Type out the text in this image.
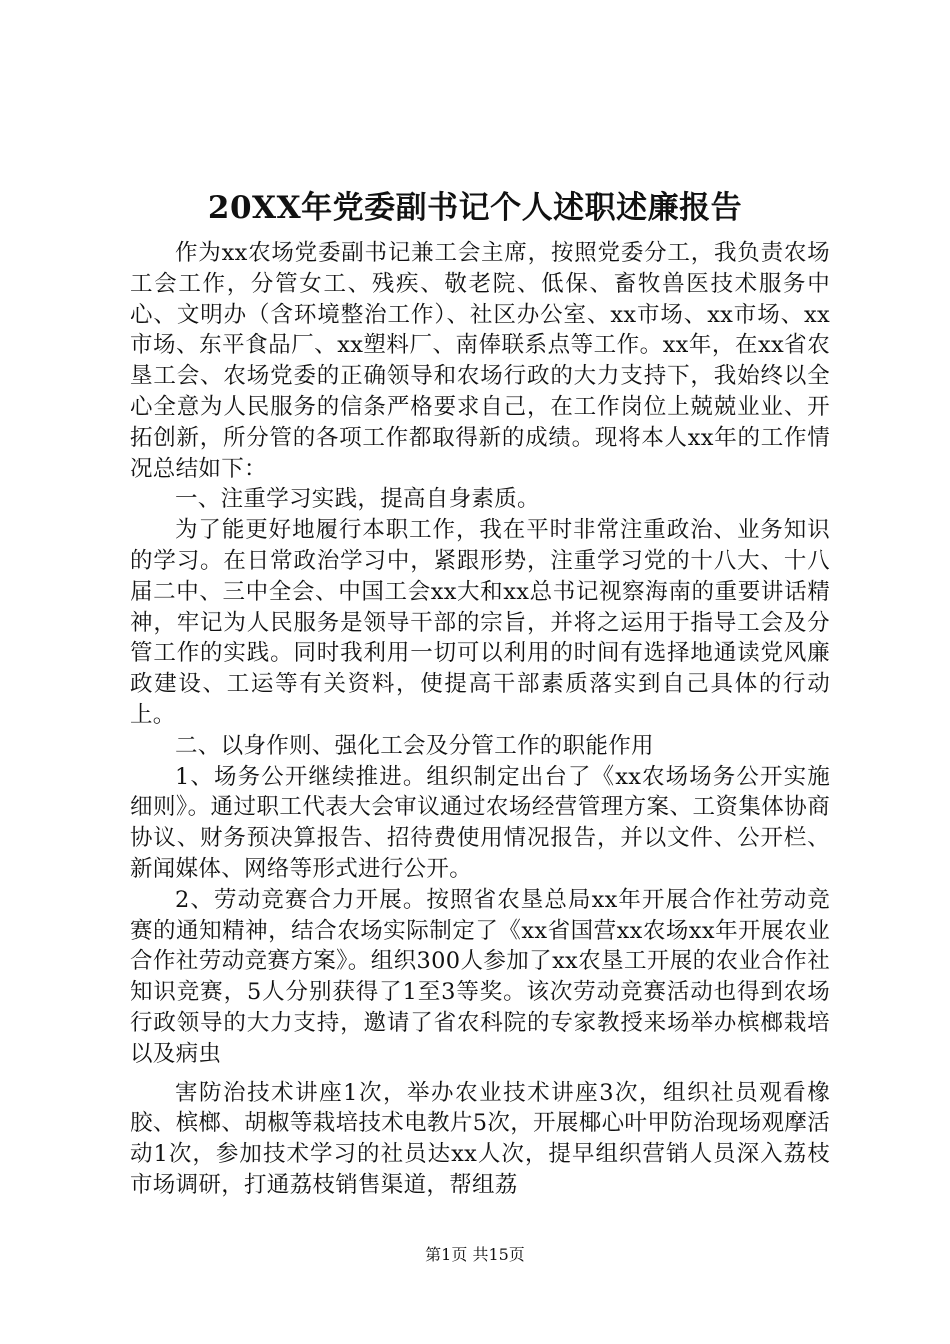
20XX年党委副书记个人述职述廉报告

作为xx农场党委副书记兼工会主席，按照党委分工，我负责农场工会工作，分管女工、残疾、敬老院、低保、畜牧兽医技术服务中心、文明办（含环境整治工作）、社区办公室、xx市场、xx市场、xx市场、东平食品厂、xx塑料厂、南俸联系点等工作。xx年，在xx省农垦工会、农场党委的正确领导和农场行政的大力支持下，我始终以全心全意为人民服务的信条严格要求自己，在工作岗位上兢兢业业、开拓创新，所分管的各项工作都取得新的成绩。现将本人xx年的工作情况总结如下：

一、注重学习实践，提高自身素质。

为了能更好地履行本职工作，我在平时非常注重政治、业务知识的学习。在日常政治学习中，紧跟形势，注重学习党的十八大、十八届二中、三中全会、中国工会xx大和xx总书记视察海南的重要讲话精神，牢记为人民服务是领导干部的宗旨，并将之运用于指导工会及分管工作的实践。同时我利用一切可以利用的时间有选择地通读党风廉政建设、工运等有关资料，使提高干部素质落实到自己具体的行动上。

二、以身作则、强化工会及分管工作的职能作用

1、场务公开继续推进。组织制定出台了《xx农场场务公开实施细则》。通过职工代表大会审议通过农场经营管理方案、工资集体协商协议、财务预决算报告、招待费使用情况报告，并以文件、公开栏、新闻媒体、网络等形式进行公开。

2、劳动竞赛合力开展。按照省农垦总局xx年开展合作社劳动竞赛的通知精神，结合农场实际制定了《xx省国营xx农场xx年开展农业合作社劳动竞赛方案》。组织300人参加了xx农垦工开展的农业合作社知识竞赛，5人分别获得了1至3等奖。该次劳动竞赛活动也得到农场行政领导的大力支持，邀请了省农科院的专家教授来场举办槟榔栽培以及病虫

害防治技术讲座1次，举办农业技术讲座3次，组织社员观看橡胶、槟榔、胡椒等栽培技术电教片5次，开展椰心叶甲防治现场观摩活动1次，参加技术学习的社员达xx人次，提早组织营销人员深入荔枝市场调研，打通荔枝销售渠道，帮组荔

第1页 共15页
